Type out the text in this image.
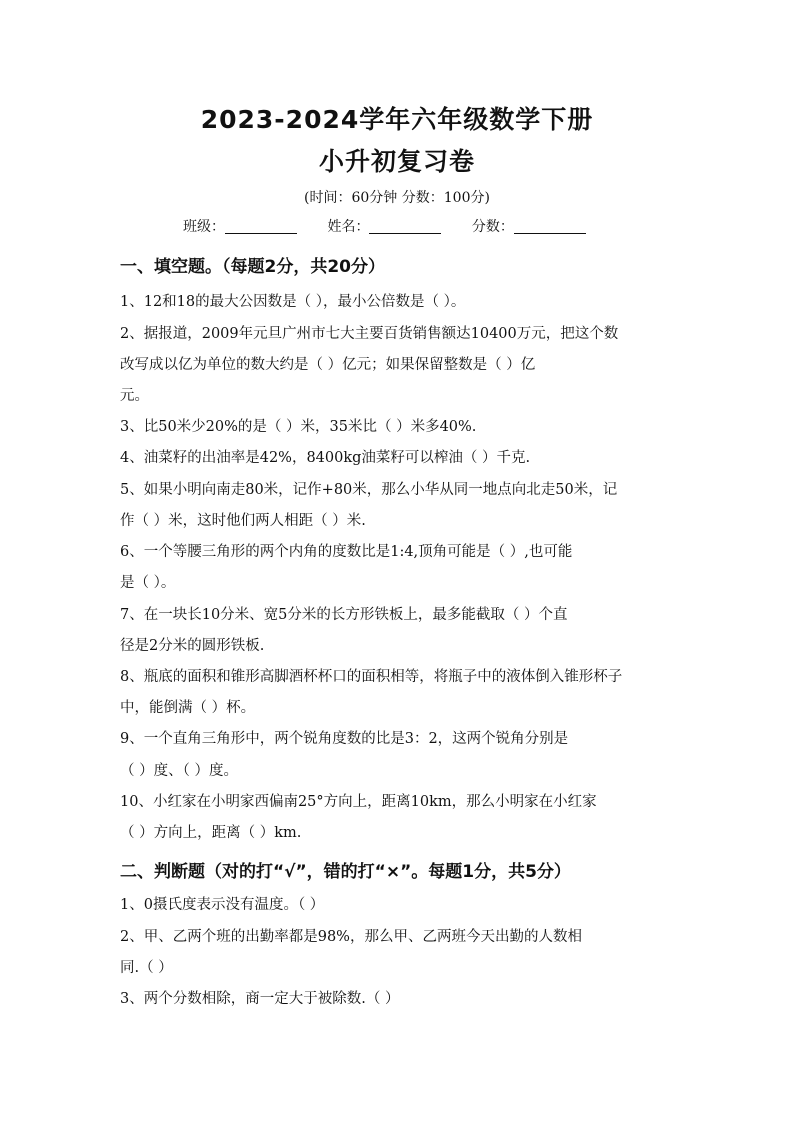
2023-2024学年六年级数学下册
小升初复习卷
(时间：60分钟 分数：100分)
班级：	姓名：	分数：
一、填空题。（每题2分，共20分）
1、12和18的最大公因数是（ ），最小公倍数是（ ）。
2、据报道，2009年元旦广州市七大主要百货销售额达10400万元，把这个数
改写成以亿为单位的数大约是（ ）亿元；如果保留整数是（ ）亿
元。
3、比50米少20%的是（ ）米，35米比（ ）米多40%.
4、油菜籽的出油率是42%，8400kg油菜籽可以榨油（ ）千克.
5、如果小明向南走80米，记作+80米，那么小华从同一地点向北走50米，记
作（ ）米，这时他们两人相距（ ）米.
6、一个等腰三角形的两个内角的度数比是1:4,顶角可能是（ ）,也可能
是（ ）。
7、在一块长10分米、宽5分米的长方形铁板上，最多能截取（ ）个直
径是2分米的圆形铁板.
8、瓶底的面积和锥形高脚酒杯杯口的面积相等，将瓶子中的液体倒入锥形杯子
中，能倒满（ ）杯。
9、一个直角三角形中，两个锐角度数的比是3：2，这两个锐角分别是
（ ）度、（ ）度。
10、小红家在小明家西偏南25°方向上，距离10km，那么小明家在小红家
（ ）方向上，距离（ ）km.
二、判断题（对的打“√”，错的打“×”。每题1分，共5分）
1、0摄氏度表示没有温度。（ ）
2、甲、乙两个班的出勤率都是98%，那么甲、乙两班今天出勤的人数相
同.（ ）
3、两个分数相除，商一定大于被除数.（ ）
